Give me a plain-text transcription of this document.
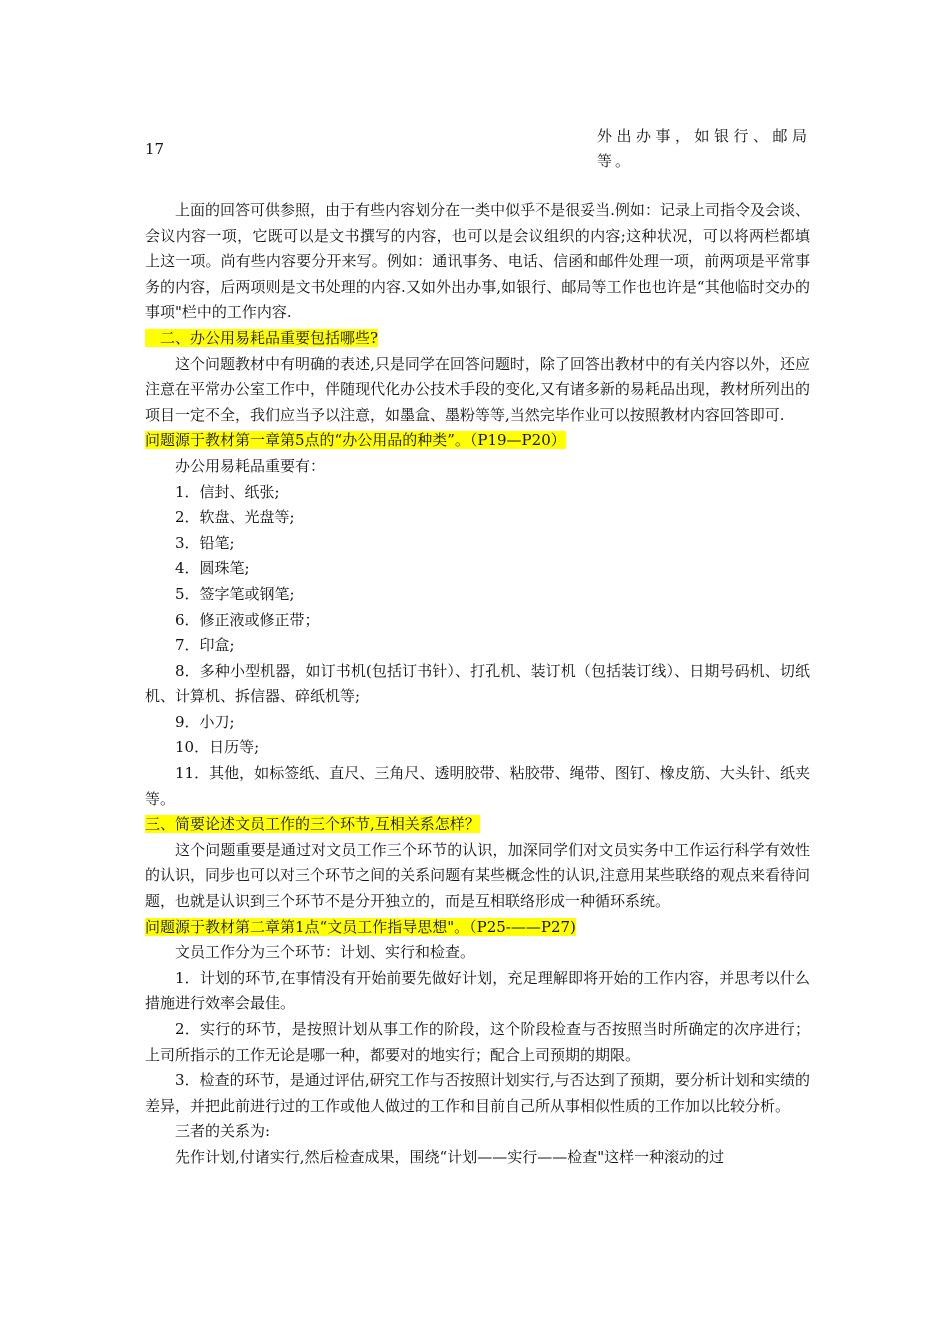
17
外出办事，如银行、邮局等。

上面的回答可供参照，由于有些内容划分在一类中似乎不是很妥当.例如：记录上司指令及会谈、会议内容一项，它既可以是文书撰写的内容，也可以是会议组织的内容;这种状况，可以将两栏都填上这一项。尚有些内容要分开来写。例如：通讯事务、电话、信函和邮件处理一项，前两项是平常事务的内容，后两项则是文书处理的内容.又如外出办事,如银行、邮局等工作也也许是“其他临时交办的事项"栏中的工作内容.

二、办公用易耗品重要包括哪些?

这个问题教材中有明确的表述,只是同学在回答问题时，除了回答出教材中的有关内容以外，还应注意在平常办公室工作中，伴随现代化办公技术手段的变化,又有诸多新的易耗品出现，教材所列出的项目一定不全，我们应当予以注意，如墨盒、墨粉等等,当然完毕作业可以按照教材内容回答即可.

问题源于教材第一章第5点的“办公用品的种类”。（P19—P20）

办公用易耗品重要有：

1．信封、纸张;

2．软盘、光盘等;

3．铅笔;

4．圆珠笔;

5．签字笔或钢笔;

6．修正液或修正带；

7．印盒;

8．多种小型机器，如订书机(包括订书针）、打孔机、装订机（包括装订线）、日期号码机、切纸机、计算机、拆信器、碎纸机等;

9．小刀;

10．日历等;

11．其他，如标签纸、直尺、三角尺、透明胶带、粘胶带、绳带、图钉、橡皮筋、大头针、纸夹等。

三、简要论述文员工作的三个环节,互相关系怎样？

这个问题重要是通过对文员工作三个环节的认识，加深同学们对文员实务中工作运行科学有效性的认识，同步也可以对三个环节之间的关系问题有某些概念性的认识,注意用某些联络的观点来看待问题，也就是认识到三个环节不是分开独立的，而是互相联络形成一种循环系统。

问题源于教材第二章第1点“文员工作指导思想"。（P25-——P27)

文员工作分为三个环节：计划、实行和检查。

1．计划的环节,在事情没有开始前要先做好计划，充足理解即将开始的工作内容，并思考以什么措施进行效率会最佳。

2．实行的环节，是按照计划从事工作的阶段，这个阶段检查与否按照当时所确定的次序进行；上司所指示的工作无论是哪一种，都要对的地实行；配合上司预期的期限。

3．检查的环节，是通过评估,研究工作与否按照计划实行,与否达到了预期，要分析计划和实绩的差异，并把此前进行过的工作或他人做过的工作和目前自己所从事相似性质的工作加以比较分析。

三者的关系为:

先作计划,付诸实行,然后检查成果，围绕“计划——实行——检查"这样一种滚动的过
